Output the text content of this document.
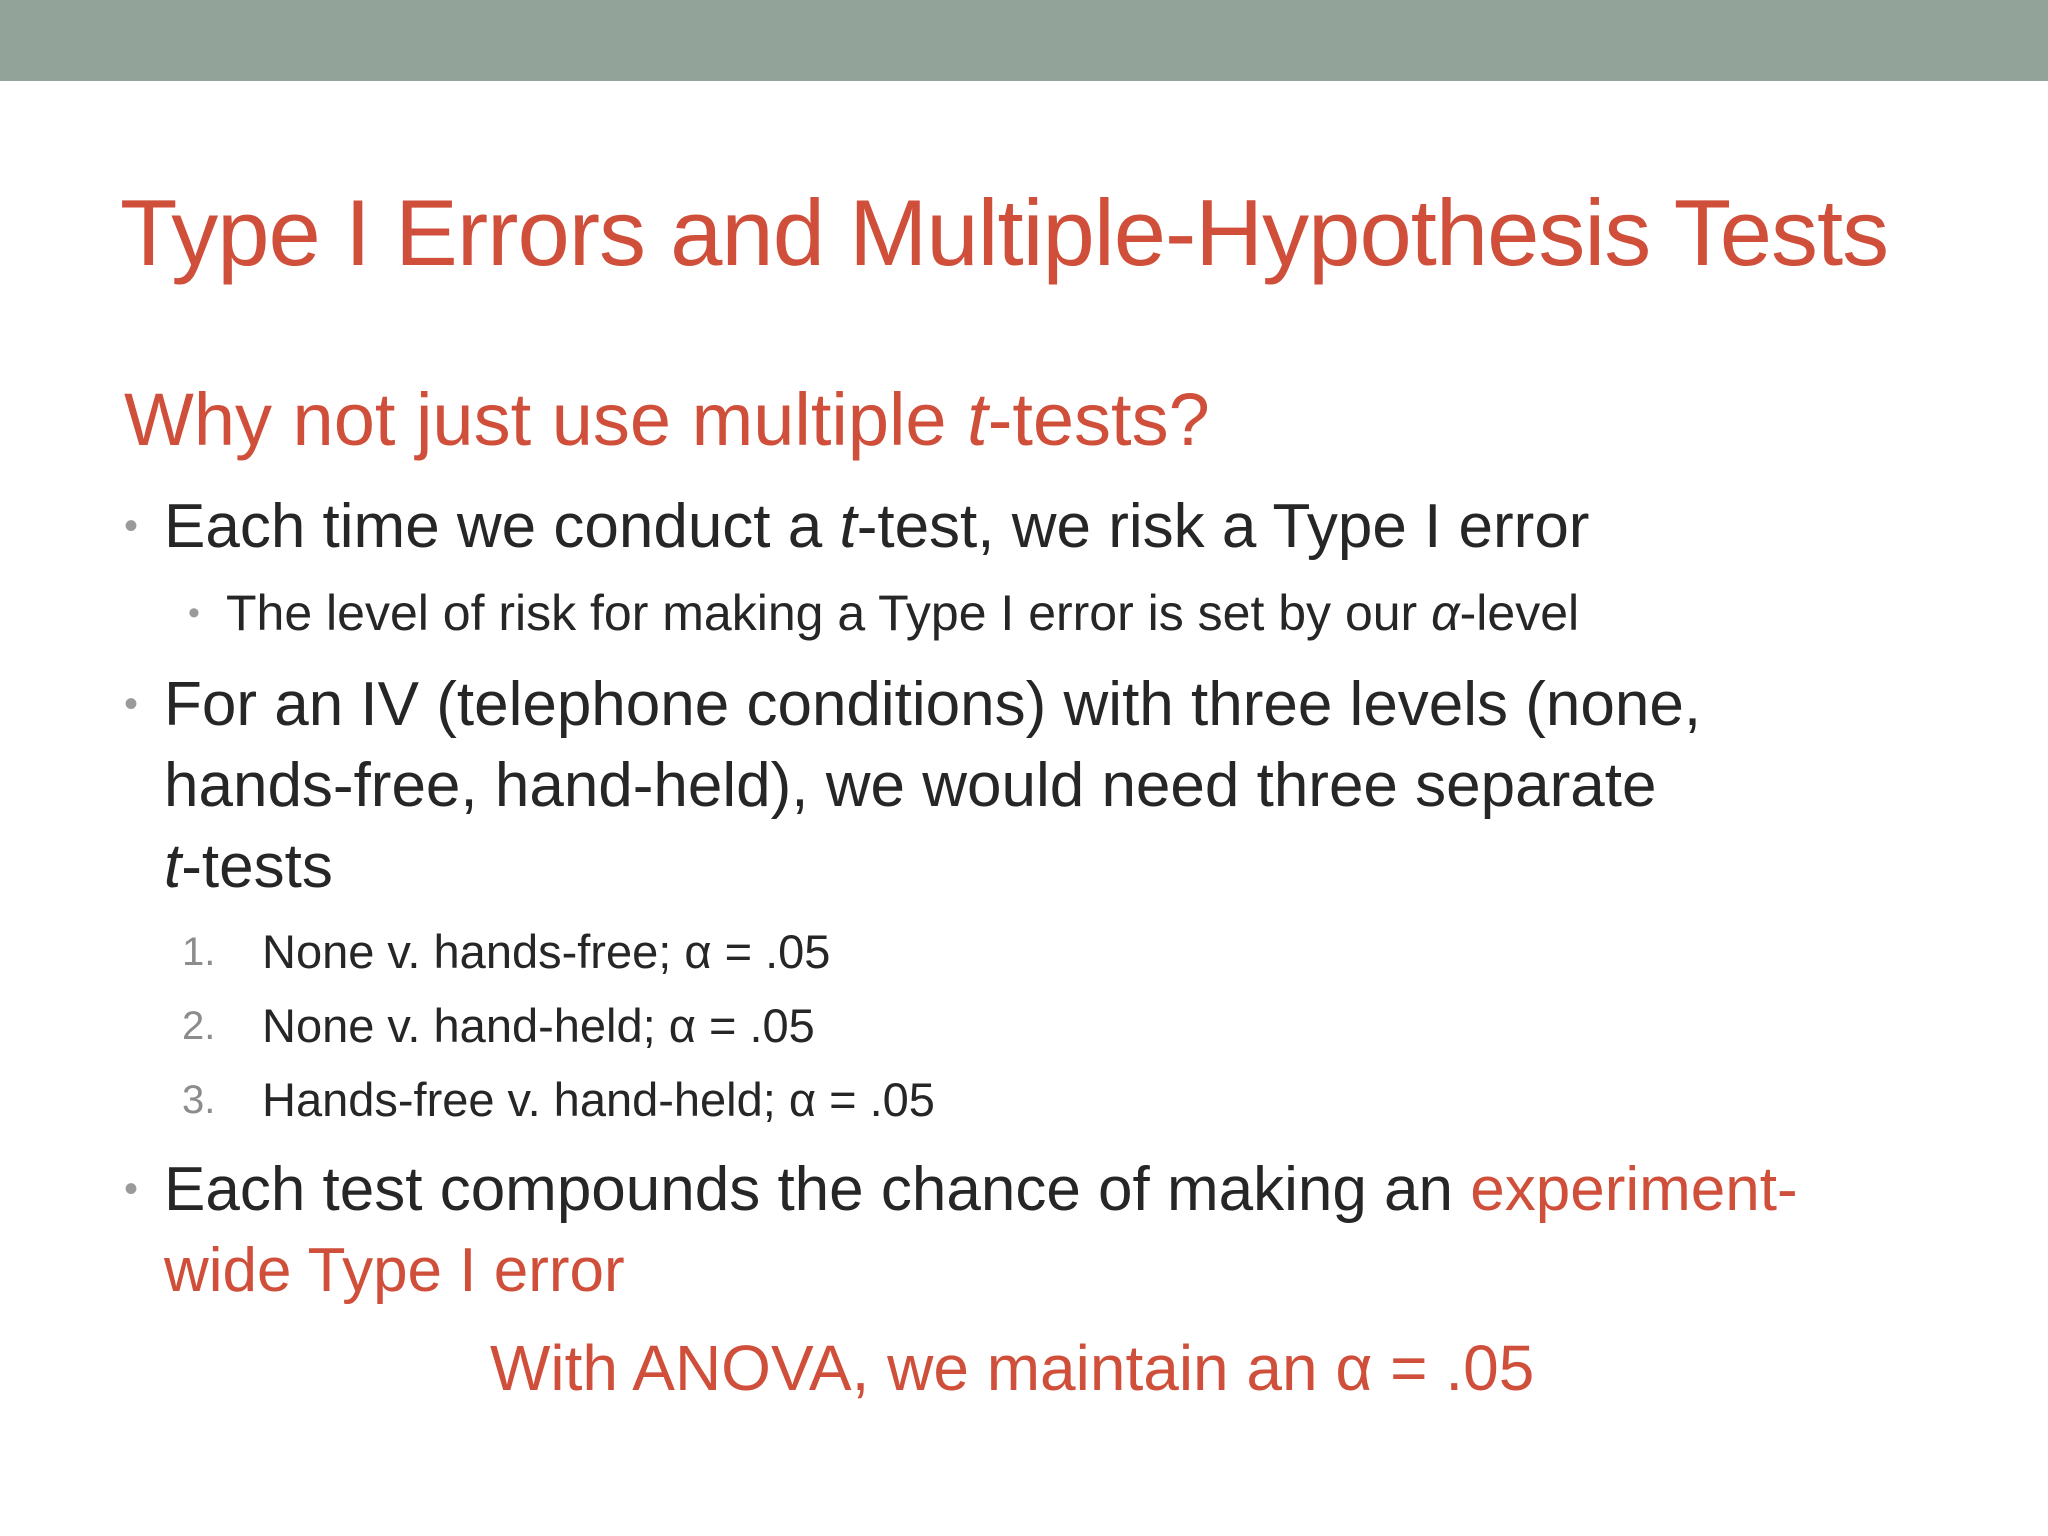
Type I Errors and Multiple-Hypothesis Tests
Why not just use multiple t-tests?
• Each time we conduct a t-test, we risk a Type I error
• The level of risk for making a Type I error is set by our α-level
• For an IV (telephone conditions) with three levels (none,
hands-free, hand-held), we would need three separate
t-tests
1. None v. hands-free; α = .05
2. None v. hand-held; α = .05
3. Hands-free v. hand-held; α = .05
• Each test compounds the chance of making an experiment-
wide Type I error
With ANOVA, we maintain an α = .05
